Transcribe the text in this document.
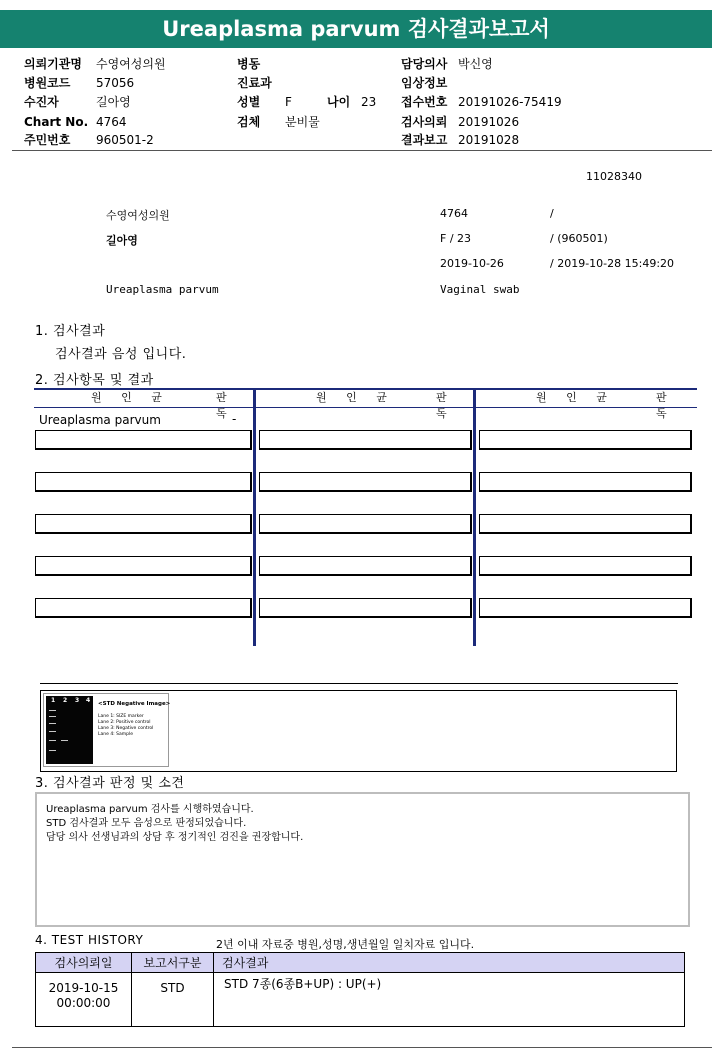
Ureaplasma parvum 검사결과보고서
의뢰기관명 수영여성의원
병원코드 57056
수진자	길아영
Chart No. 4764
주민번호 960501-2
병동
진료과
성별 F	나이 23
검체 분비물
담당의사 박신영
임상정보
접수번호 20191026-75419
검사의뢰 20191026
결과보고 20191028
11028340
수영여성의원	4764	/
길아영	F / 23	/ (960501)
2019-10-26	/ 2019-10-28 15:49:20
Ureaplasma parvum	Vaginal swab
1. 검사결과
검사결과 음성 입니다.
2. 검사항목 및 결과
원 인 균	판 독
원 인 균	판 독
원 인 균	판 독
Ureaplasma parvum	-
1 2 3 4 <STD Negative Image>
Lane 1: SIZE marker
Lane 2: Positive control
Lane 3: Negative control
Lane 4: Sample
3. 검사결과 판정 및 소견
Ureaplasma parvum 검사를 시행하였습니다.
STD 검사결과 모두 음성으로 판정되었습니다.
담당 의사 선생님과의 상담 후 정기적인 검진을 권장합니다.
4. TEST HISTORY	2년 이내 자료중 병원,성명,생년월일 일치자료 입니다.
검사의뢰일	보고서구분	검사결과

2019-10-15
00:00:00	STD	STD 7종(6종B+UP) : UP(+)
